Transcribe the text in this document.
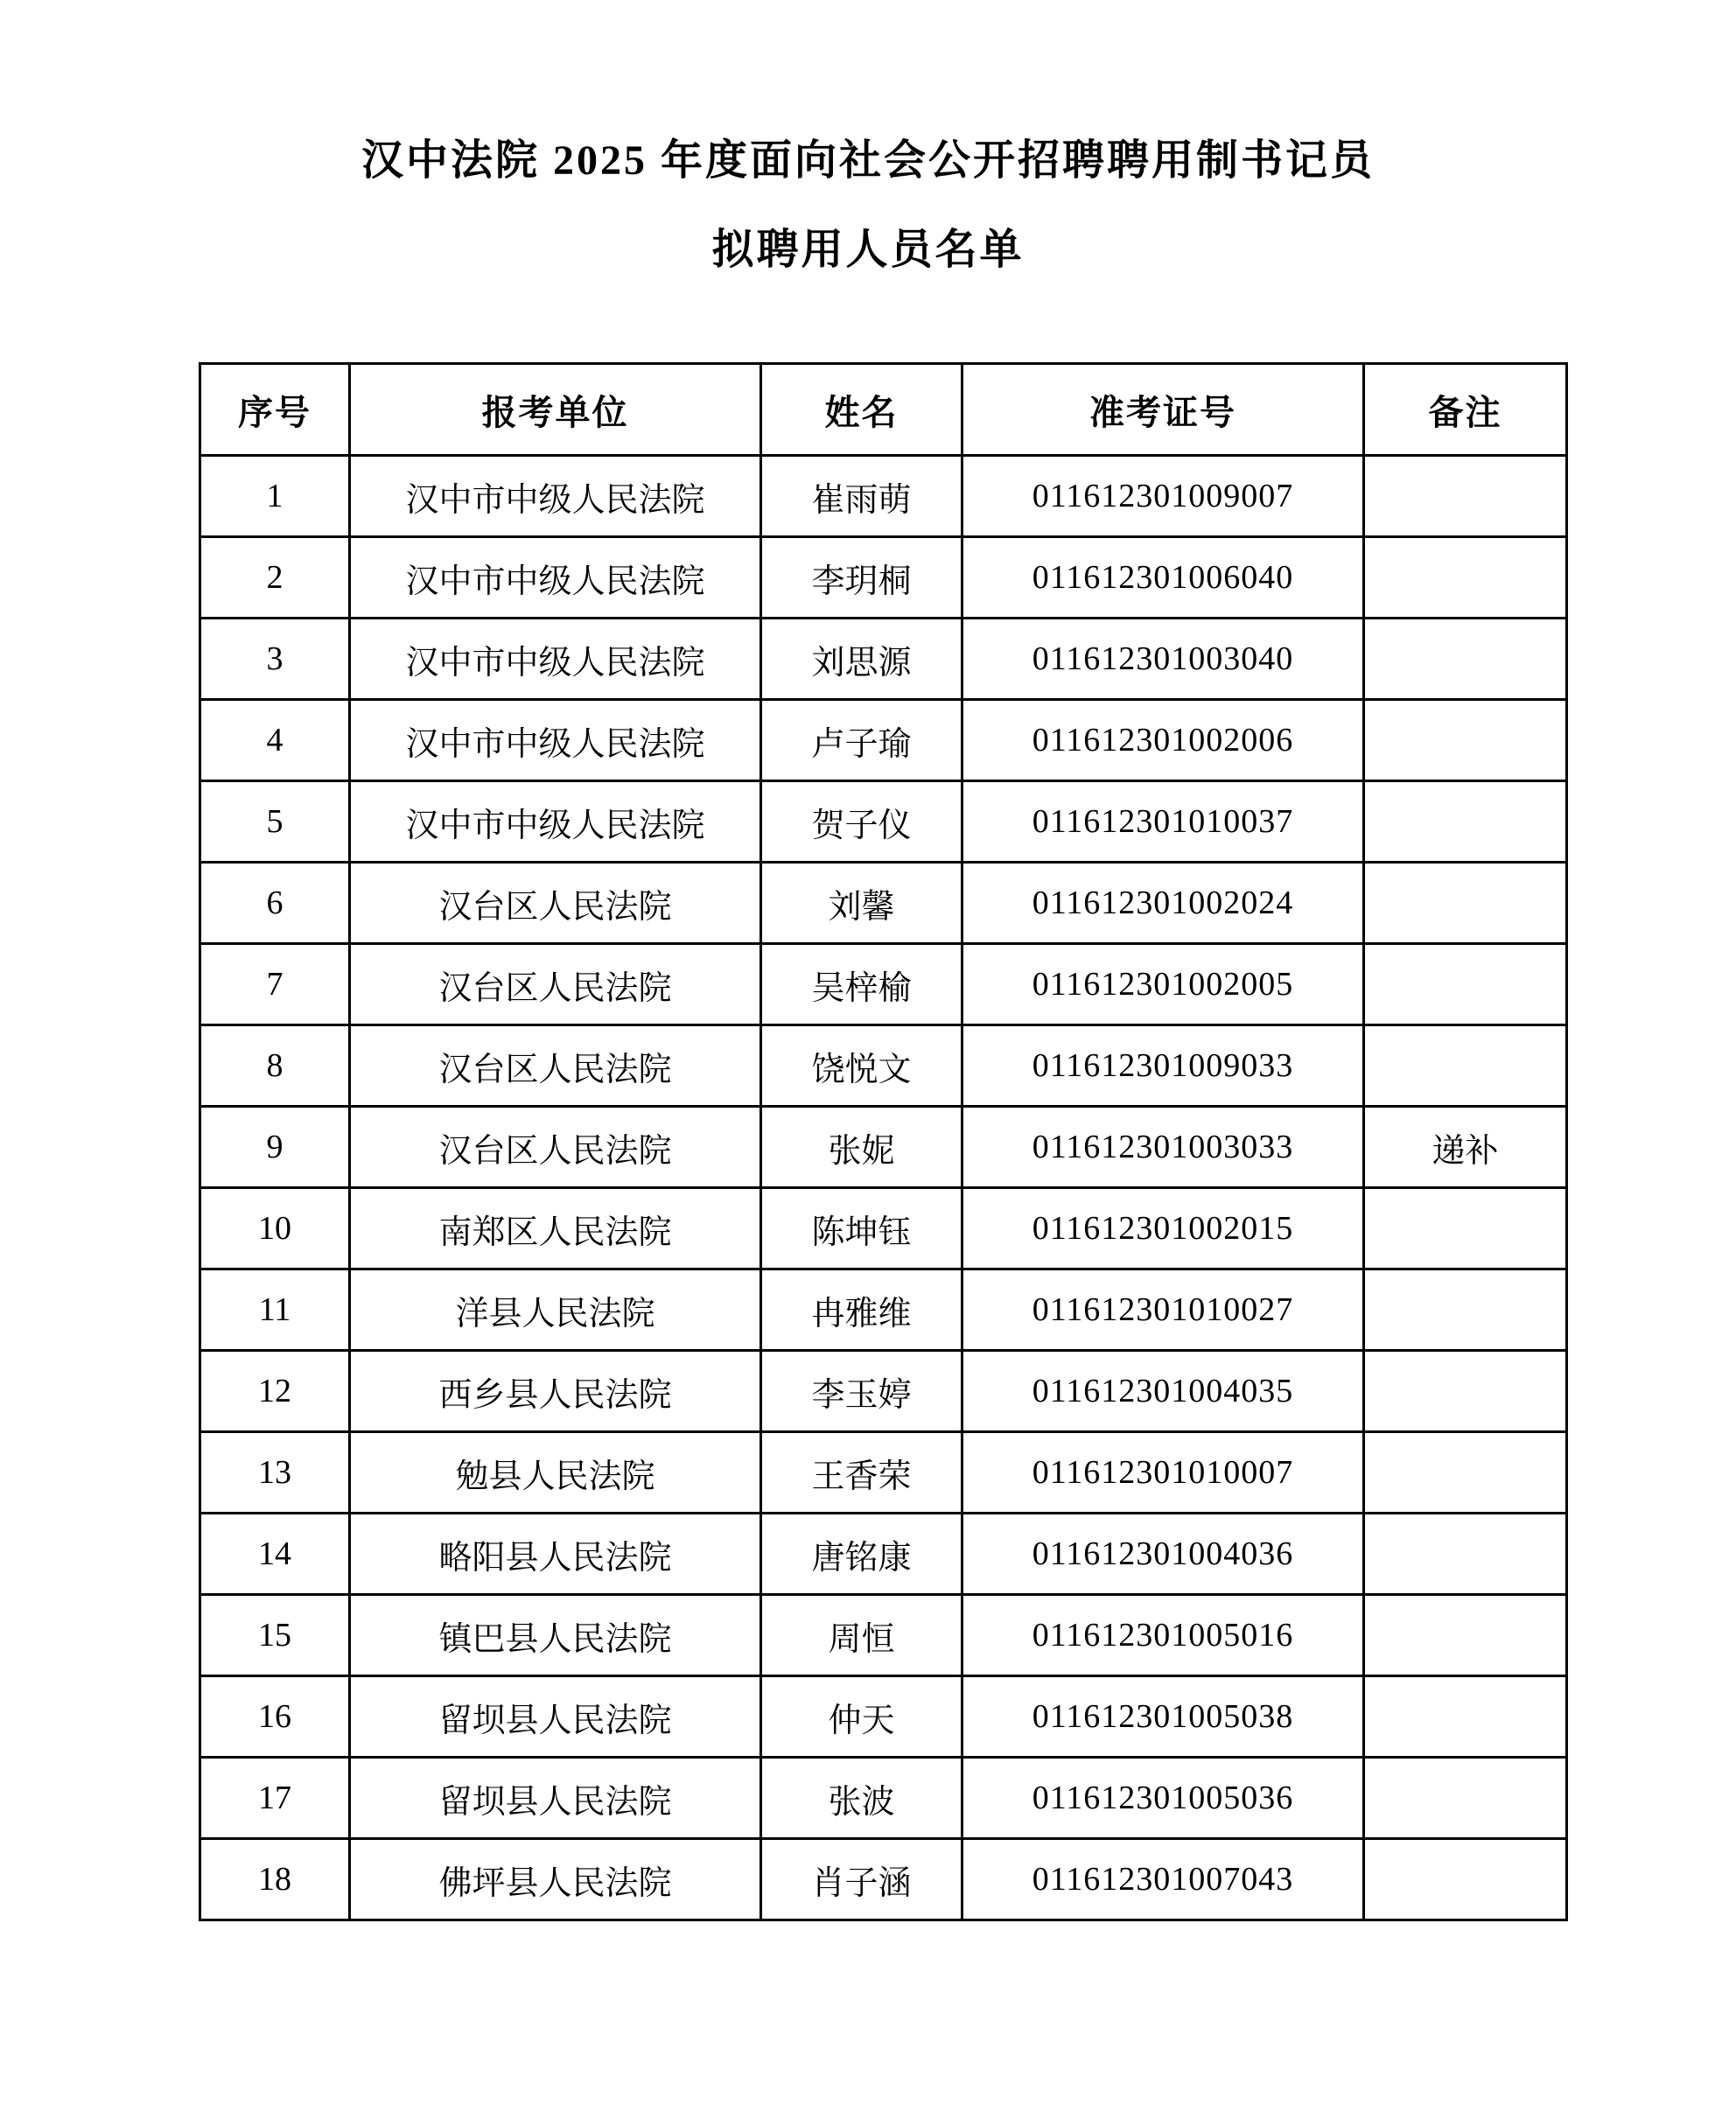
汉中法院 2025 年度面向社会公开招聘聘用制书记员
拟聘用人员名单
序号	报考单位	姓名	准考证号	备注
1	汉中市中级人民法院	崔雨萌	011612301009007	
2	汉中市中级人民法院	李玥桐	011612301006040	
3	汉中市中级人民法院	刘思源	011612301003040	
4	汉中市中级人民法院	卢子瑜	011612301002006	
5	汉中市中级人民法院	贺子仪	011612301010037	
6	汉台区人民法院	刘馨	011612301002024	
7	汉台区人民法院	吴梓榆	011612301002005	
8	汉台区人民法院	饶悦文	011612301009033	
9	汉台区人民法院	张妮	011612301003033	递补
10	南郑区人民法院	陈坤钰	011612301002015	
11	洋县人民法院	冉雅维	011612301010027	
12	西乡县人民法院	李玉婷	011612301004035	
13	勉县人民法院	王香荣	011612301010007	
14	略阳县人民法院	唐铭康	011612301004036	
15	镇巴县人民法院	周恒	011612301005016	
16	留坝县人民法院	仲天	011612301005038	
17	留坝县人民法院	张波	011612301005036	
18	佛坪县人民法院	肖子涵	011612301007043	
